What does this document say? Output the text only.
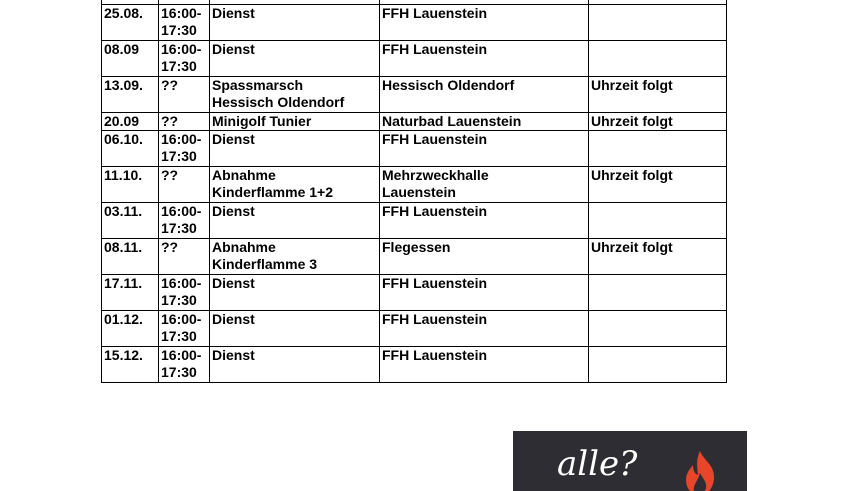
25.08.	16:00-
17:30	Dienst	FFH Lauenstein	

08.09	16:00-
17:30	Dienst	FFH Lauenstein	

13.09.	??	Spassmarsch
Hessisch Oldendorf	Hessisch Oldendorf	Uhrzeit folgt

20.09	??	Minigolf Tunier	Naturbad Lauenstein	Uhrzeit folgt

06.10.	16:00-
17:30	Dienst	FFH Lauenstein	

11.10.	??	Abnahme
Kinderflamme 1+2	Mehrzweckhalle
Lauenstein	Uhrzeit folgt

03.11.	16:00-
17:30	Dienst	FFH Lauenstein	

08.11.	??	Abnahme
Kinderflamme 3	Flegessen	Uhrzeit folgt

17.11.	16:00-
17:30	Dienst	FFH Lauenstein	

01.12.	16:00-
17:30	Dienst	FFH Lauenstein	

15.12.	16:00-
17:30	Dienst	FFH Lauenstein	

alle?
